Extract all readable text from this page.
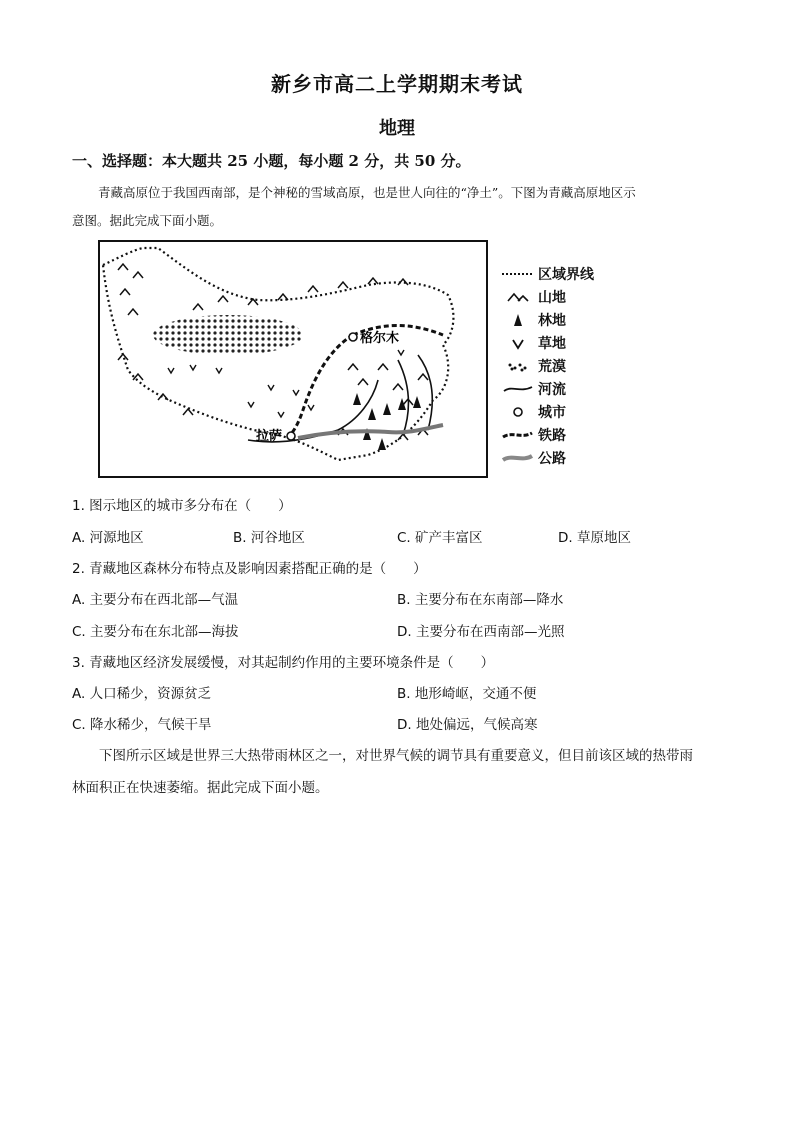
新乡市高二上学期期末考试
地理
一、选择题：本大题共 25 小题，每小题 2 分，共 50 分。
青藏高原位于我国西南部，是个神秘的雪域高原，也是世人向往的“净土”。下图为青藏高原地区示
意图。据此完成下面小题。
格尔木
拉萨
区域界线
山地
林地
草地
荒漠
河流
城市
铁路
公路
1. 图示地区的城市多分布在（　　）
A. 河源地区	B. 河谷地区	C. 矿产丰富区	D. 草原地区
2. 青藏地区森林分布特点及影响因素搭配正确的是（　　）
A. 主要分布在西北部—气温	B. 主要分布在东南部—降水
C. 主要分布在东北部—海拔	D. 主要分布在西南部—光照
3. 青藏地区经济发展缓慢，对其起制约作用的主要环境条件是（　　）
A. 人口稀少，资源贫乏	B. 地形崎岖，交通不便
C. 降水稀少，气候干旱	D. 地处偏远，气候高寒
下图所示区域是世界三大热带雨林区之一，对世界气候的调节具有重要意义，但目前该区域的热带雨
林面积正在快速萎缩。据此完成下面小题。
